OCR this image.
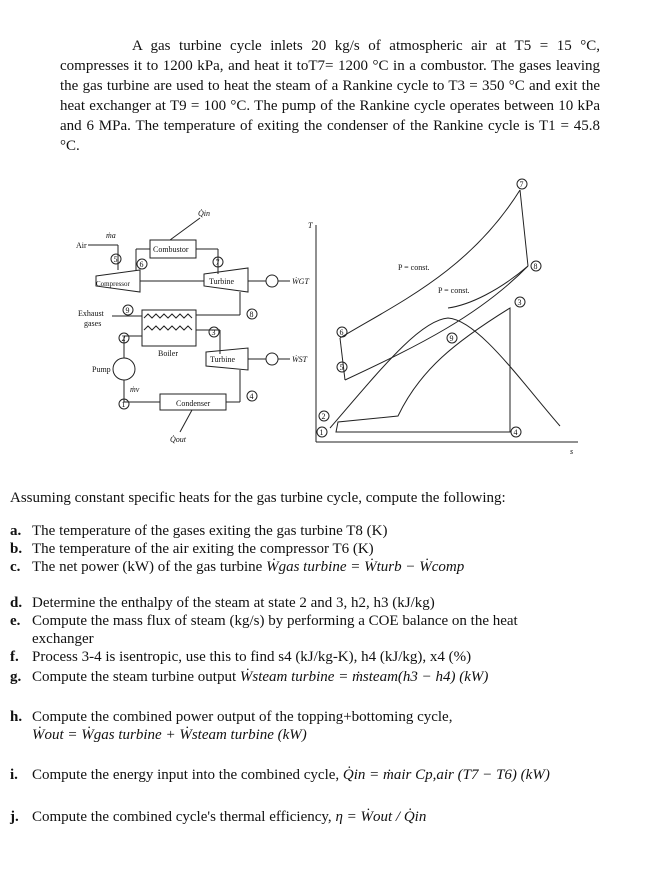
A gas turbine cycle inlets 20 kg/s of atmospheric air at T5 = 15 °C, compresses it to 1200 kPa, and heat it toT7= 1200 °C in a combustor. The gases leaving the gas turbine are used to heat the steam of a Rankine cycle to T3 = 350 °C and exit the heat exchanger at T9 = 100 °C. The pump of the Rankine cycle operates between 10 kPa and 6 MPa. The temperature of exiting the condenser of the Rankine cycle is T1 = 45.8 °C.

Air
ṁa
Combustor
Q̇in
Compressor	Turbine	ẆGT
Exhaust
gases
Boiler
Turbine	ẆST
Pump
ṁv
Condenser
Q̇out
5
6	7
8
9
2
3
4
1
T
s
P = const.
P = const.
7
8
3
9
6
5
2
1	4
Assuming constant specific heats for the gas turbine cycle, compute the following:
a. The temperature of the gases exiting the gas turbine T8 (K)
b. The temperature of the air exiting the compressor T6 (K)
c. The net power (kW) of the gas turbine Ẇgas turbine = Ẇturb − Ẇcomp
d. Determine the enthalpy of the steam at state 2 and 3, h2, h3 (kJ/kg)
e. Compute the mass flux of steam (kg/s) by performing a COE balance on the heat
exchanger
f. Process 3-4 is isentropic, use this to find s4 (kJ/kg-K), h4 (kJ/kg), x4 (%)
g. Compute the steam turbine output Ẇsteam turbine = ṁsteam(h3 − h4) (kW)
h. Compute the combined power output of the topping+bottoming cycle,
Ẇout = Ẇgas turbine + Ẇsteam turbine (kW)
i. Compute the energy input into the combined cycle, Q̇in = ṁair Cp,air (T7 − T6) (kW)
j. Compute the combined cycle's thermal efficiency, η = Ẇout / Q̇in
